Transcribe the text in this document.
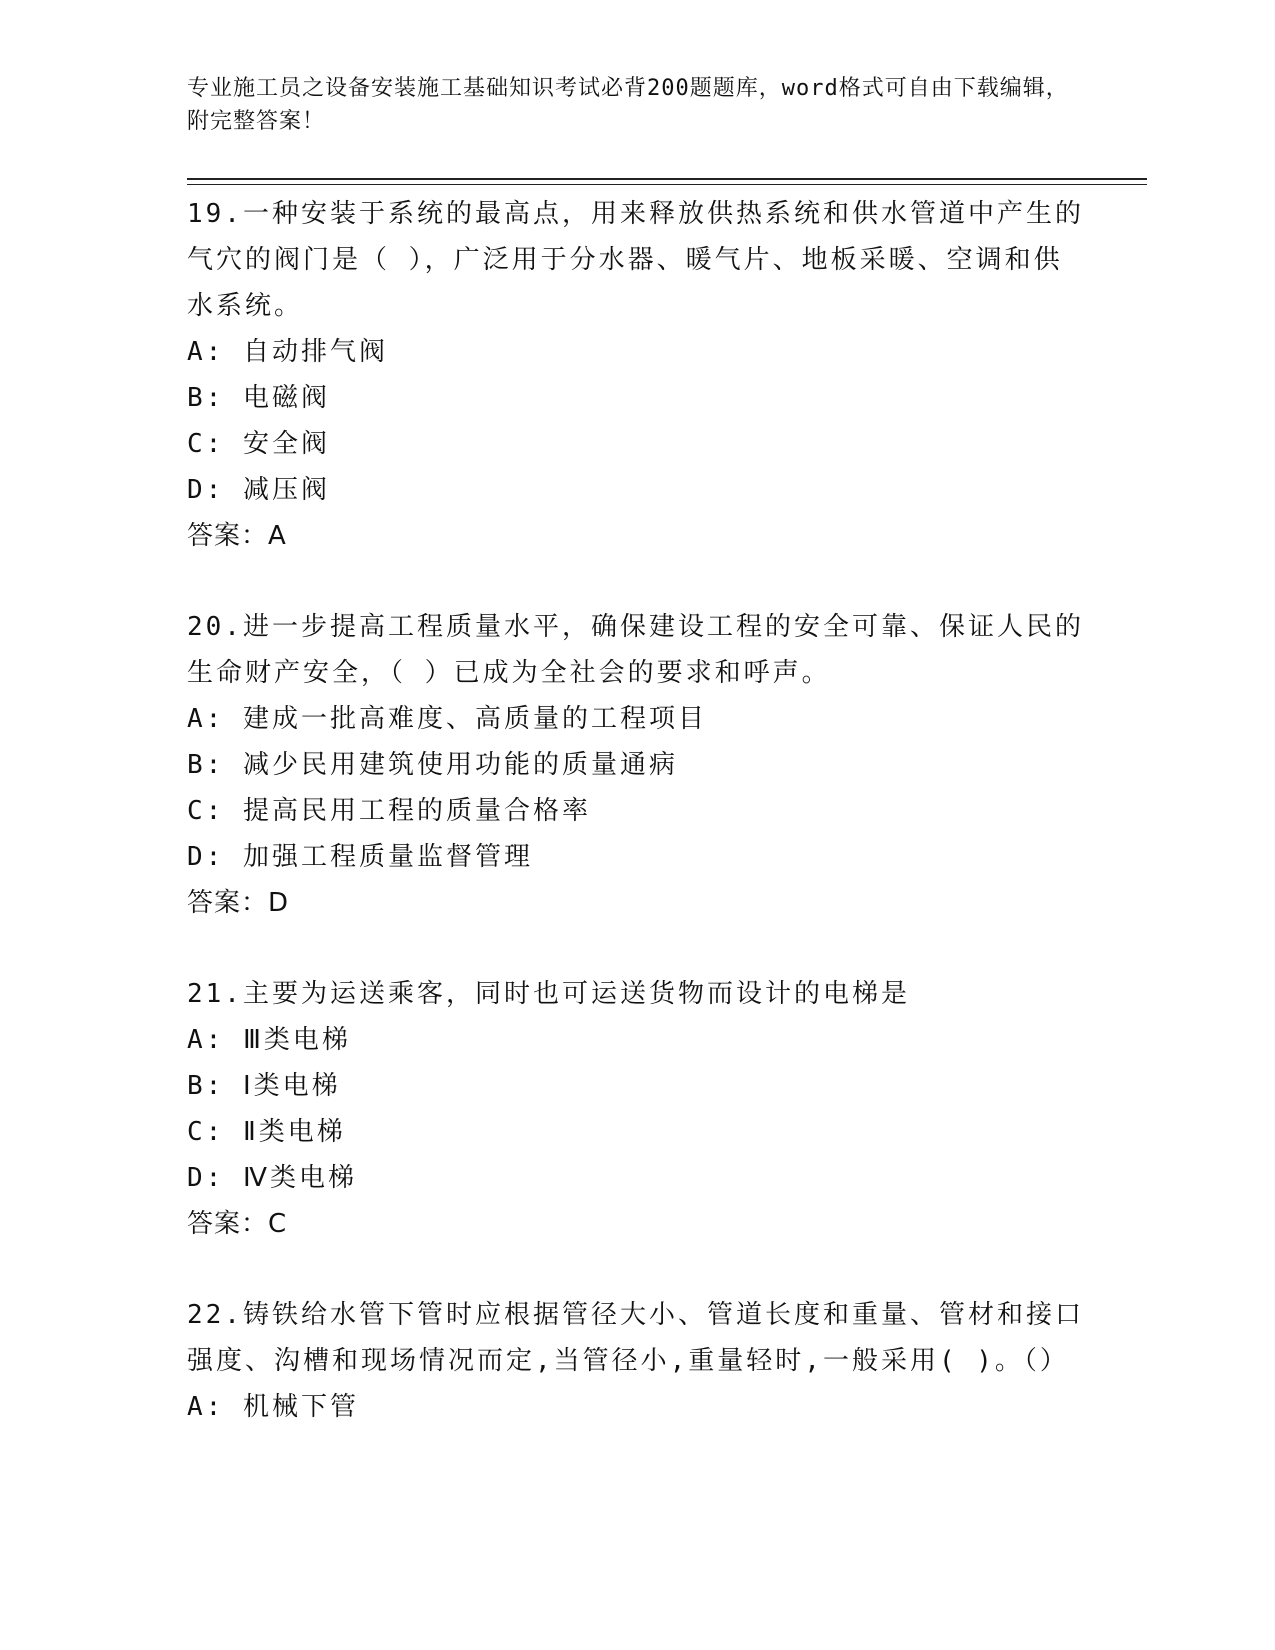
专业施工员之设备安装施工基础知识考试必背200题题库，word格式可自由下载编辑，附完整答案！

19.一种安装于系统的最高点，用来释放供热系统和供水管道中产生的气穴的阀门是（ ），广泛用于分水器、暖气片、地板采暖、空调和供水系统。

A: 自动排气阀

B: 电磁阀

C: 安全阀

D: 减压阀

答案：A

20.进一步提高工程质量水平，确保建设工程的安全可靠、保证人民的生命财产安全，（ ）已成为全社会的要求和呼声。

A: 建成一批高难度、高质量的工程项目

B: 减少民用建筑使用功能的质量通病

C: 提高民用工程的质量合格率

D: 加强工程质量监督管理

答案：D

21.主要为运送乘客，同时也可运送货物而设计的电梯是

A: Ⅲ类电梯

B: Ⅰ类电梯

C: Ⅱ类电梯

D: Ⅳ类电梯

答案：C

22.铸铁给水管下管时应根据管径大小、管道长度和重量、管材和接口强度、沟槽和现场情况而定,当管径小,重量轻时,一般采用( )。（）

A: 机械下管
